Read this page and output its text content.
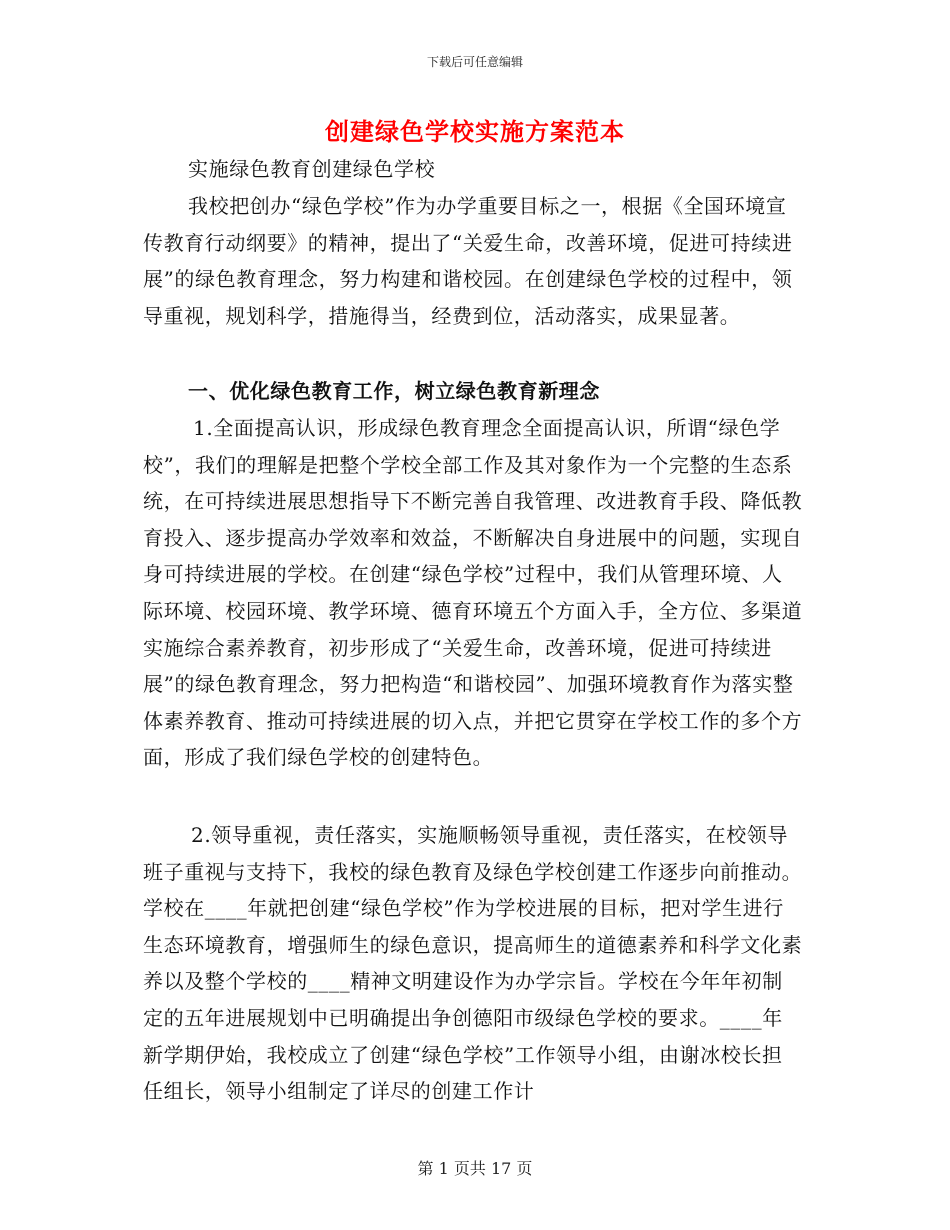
下载后可任意编辑
创建绿色学校实施方案范本
实施绿色教育创建绿色学校
我校把创办“绿色学校”作为办学重要目标之一，根据《全国环境宣传教育行动纲要》的精神，提出了“关爱生命，改善环境，促进可持续进展”的绿色教育理念，努力构建和谐校园。在创建绿色学校的过程中，领导重视，规划科学，措施得当，经费到位，活动落实，成果显著。
一、优化绿色教育工作，树立绿色教育新理念
1.全面提高认识，形成绿色教育理念全面提高认识，所谓“绿色学校”，我们的理解是把整个学校全部工作及其对象作为一个完整的生态系统，在可持续进展思想指导下不断完善自我管理、改进教育手段、降低教育投入、逐步提高办学效率和效益，不断解决自身进展中的问题，实现自身可持续进展的学校。在创建“绿色学校”过程中，我们从管理环境、人际环境、校园环境、教学环境、德育环境五个方面入手，全方位、多渠道实施综合素养教育，初步形成了“关爱生命，改善环境，促进可持续进展”的绿色教育理念，努力把构造“和谐校园”、加强环境教育作为落实整体素养教育、推动可持续进展的切入点，并把它贯穿在学校工作的多个方面，形成了我们绿色学校的创建特色。
2.领导重视，责任落实，实施顺畅领导重视，责任落实，在校领导班子重视与支持下，我校的绿色教育及绿色学校创建工作逐步向前推动。学校在____年就把创建“绿色学校”作为学校进展的目标，把对学生进行生态环境教育，增强师生的绿色意识，提高师生的道德素养和科学文化素养以及整个学校的____精神文明建设作为办学宗旨。学校在今年年初制定的五年进展规划中已明确提出争创德阳市级绿色学校的要求。____年新学期伊始，我校成立了创建“绿色学校”工作领导小组，由谢冰校长担任组长，领导小组制定了详尽的创建工作计
第 1 页共 17 页
